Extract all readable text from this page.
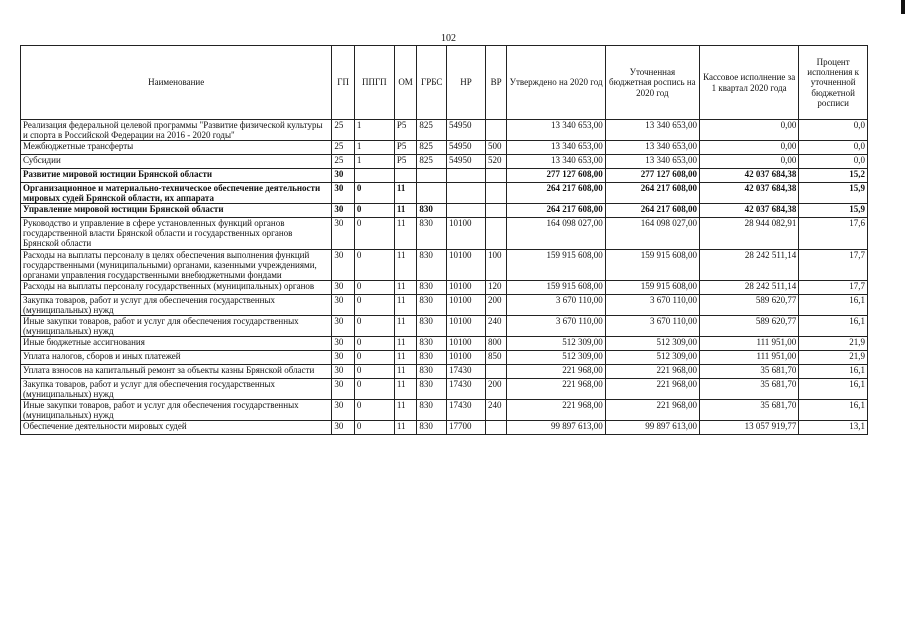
102
Наименование	ГП	ППГП	ОМ	ГРБС	НР	ВР	Утверждено на 2020 год	Уточненная бюджетная роспись на 2020 год	Кассовое исполнение за 1 квартал 2020 года	Процент исполнения к уточненной бюджетной росписи
Реализация федеральной целевой программы "Развитие физической культуры и спорта в Российской Федерации на 2016 - 2020 годы"	25	1	P5	825	54950		13 340 653,00	13 340 653,00	0,00	0,0
Межбюджетные трансферты	25	1	P5	825	54950	500	13 340 653,00	13 340 653,00	0,00	0,0
Субсидии	25	1	P5	825	54950	520	13 340 653,00	13 340 653,00	0,00	0,0
Развитие мировой юстиции Брянской области	30						277 127 608,00	277 127 608,00	42 037 684,38	15,2
Организационное и материально-техническое обеспечение деятельности мировых судей Брянской области, их аппарата	30	0	11				264 217 608,00	264 217 608,00	42 037 684,38	15,9
Управление мировой юстиции Брянской области	30	0	11	830			264 217 608,00	264 217 608,00	42 037 684,38	15,9
Руководство и управление в сфере установленных функций органов государственной власти Брянской области и государственных органов Брянской области	30	0	11	830	10100		164 098 027,00	164 098 027,00	28 944 082,91	17,6
Расходы на выплаты персоналу в целях обеспечения выполнения функций государственными (муниципальными) органами, казенными учреждениями, органами управления государственными внебюджетными фондами	30	0	11	830	10100	100	159 915 608,00	159 915 608,00	28 242 511,14	17,7
Расходы на выплаты персоналу государственных (муниципальных) органов	30	0	11	830	10100	120	159 915 608,00	159 915 608,00	28 242 511,14	17,7
Закупка товаров, работ и услуг для обеспечения государственных (муниципальных) нужд	30	0	11	830	10100	200	3 670 110,00	3 670 110,00	589 620,77	16,1
Иные закупки товаров, работ и услуг для обеспечения государственных (муниципальных) нужд	30	0	11	830	10100	240	3 670 110,00	3 670 110,00	589 620,77	16,1
Иные бюджетные ассигнования	30	0	11	830	10100	800	512 309,00	512 309,00	111 951,00	21,9
Уплата налогов, сборов и иных платежей	30	0	11	830	10100	850	512 309,00	512 309,00	111 951,00	21,9
Уплата взносов на капитальный ремонт за объекты казны Брянской области	30	0	11	830	17430		221 968,00	221 968,00	35 681,70	16,1
Закупка товаров, работ и услуг для обеспечения государственных (муниципальных) нужд	30	0	11	830	17430	200	221 968,00	221 968,00	35 681,70	16,1
Иные закупки товаров, работ и услуг для обеспечения государственных (муниципальных) нужд	30	0	11	830	17430	240	221 968,00	221 968,00	35 681,70	16,1
Обеспечение деятельности мировых судей	30	0	11	830	17700		99 897 613,00	99 897 613,00	13 057 919,77	13,1
